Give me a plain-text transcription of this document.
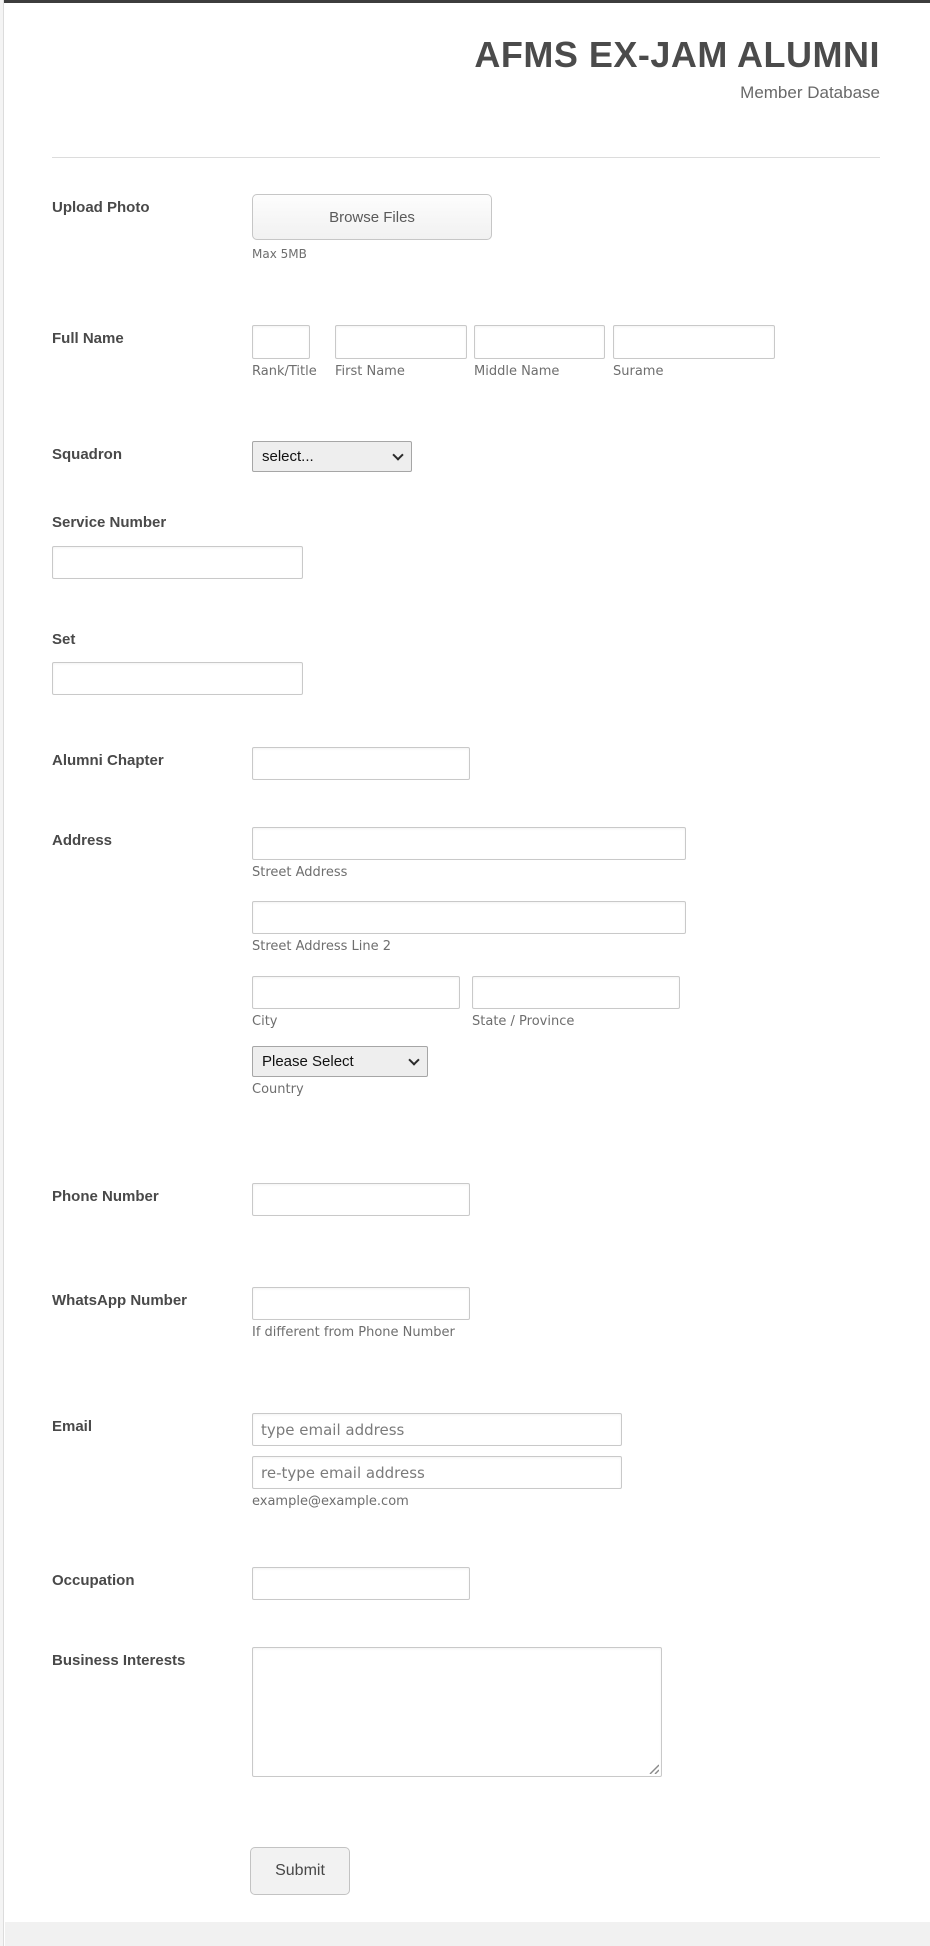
AFMS EX-JAM ALUMNI
Member Database
Upload Photo
Browse Files
Max 5MB
Full Name
Rank/Title	First Name	Middle Name	Surame
Squadron	select...
Service Number
Set
Alumni Chapter
Address
Street Address
Street Address Line 2
City	State / Province
Please Select
Country
Phone Number
WhatsApp Number
If different from Phone Number
Email
type email address re-type email address
example@example.com
Occupation
Business Interests
Submit
